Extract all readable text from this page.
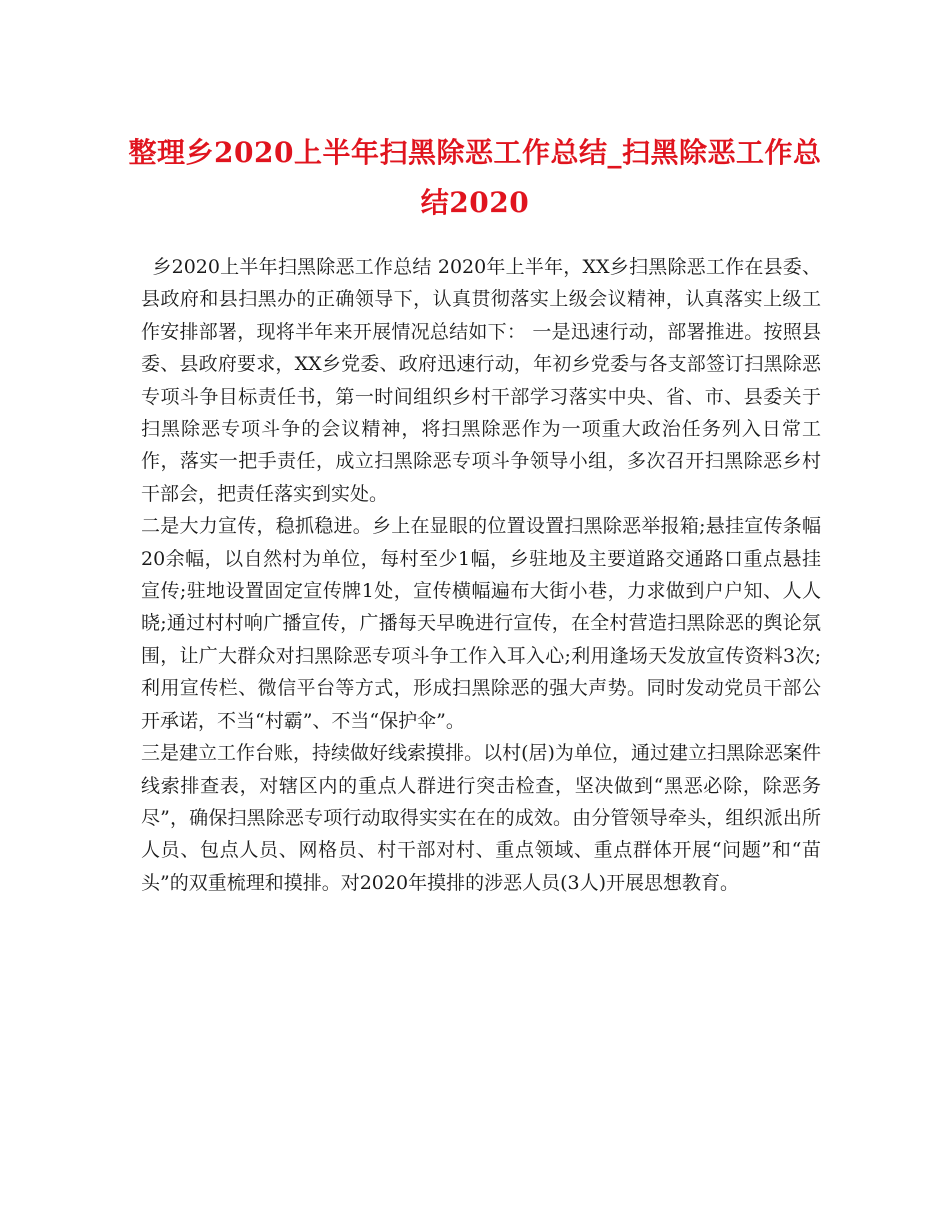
整理乡2020上半年扫黑除恶工作总结_扫黑除恶工作总结2020

乡2020上半年扫黑除恶工作总结 2020年上半年，XX乡扫黑除恶工作在县委、县政府和县扫黑办的正确领导下，认真贯彻落实上级会议精神，认真落实上级工作安排部署，现将半年来开展情况总结如下： 一是迅速行动，部署推进。按照县委、县政府要求，XX乡党委、政府迅速行动，年初乡党委与各支部签订扫黑除恶专项斗争目标责任书，第一时间组织乡村干部学习落实中央、省、市、县委关于扫黑除恶专项斗争的会议精神，将扫黑除恶作为一项重大政治任务列入日常工作，落实一把手责任，成立扫黑除恶专项斗争领导小组，多次召开扫黑除恶乡村干部会，把责任落实到实处。

二是大力宣传，稳抓稳进。乡上在显眼的位置设置扫黑除恶举报箱;悬挂宣传条幅20余幅，以自然村为单位，每村至少1幅，乡驻地及主要道路交通路口重点悬挂宣传;驻地设置固定宣传牌1处，宣传横幅遍布大街小巷，力求做到户户知、人人晓;通过村村响广播宣传，广播每天早晚进行宣传，在全村营造扫黑除恶的舆论氛围，让广大群众对扫黑除恶专项斗争工作入耳入心;利用逢场天发放宣传资料3次;利用宣传栏、微信平台等方式，形成扫黑除恶的强大声势。同时发动党员干部公开承诺，不当“村霸”、不当“保护伞”。

三是建立工作台账，持续做好线索摸排。以村(居)为单位，通过建立扫黑除恶案件线索排查表，对辖区内的重点人群进行突击检查，坚决做到“黑恶必除，除恶务尽”，确保扫黑除恶专项行动取得实实在在的成效。由分管领导牵头，组织派出所人员、包点人员、网格员、村干部对村、重点领域、重点群体开展“问题”和“苗头”的双重梳理和摸排。对2020年摸排的涉恶人员(3人)开展思想教育。
